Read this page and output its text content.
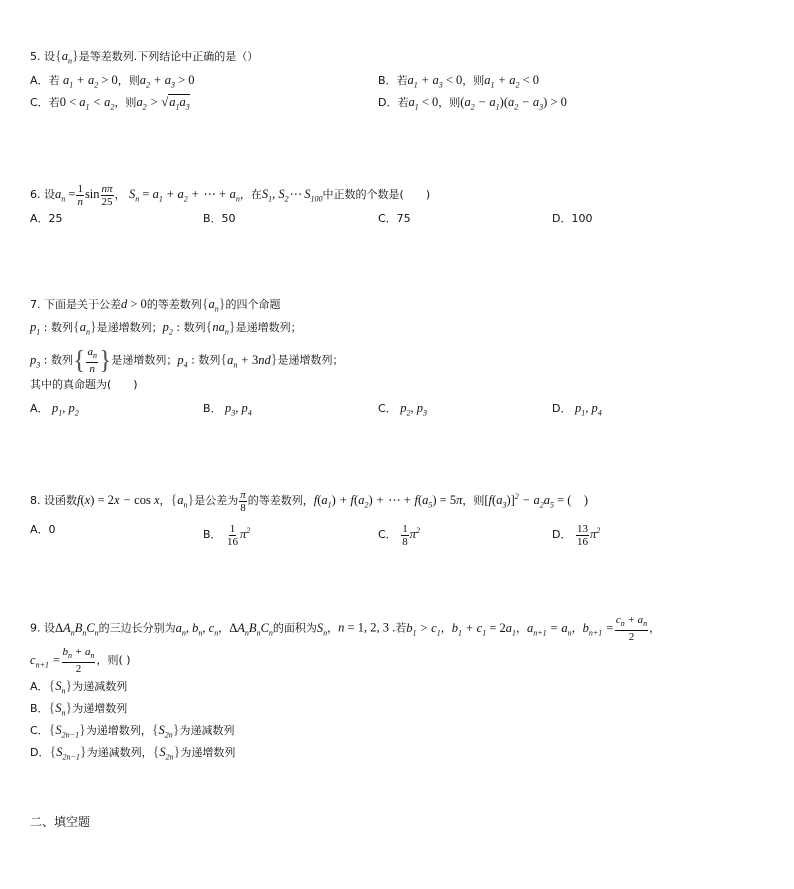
5. 设$\{a_n\}$是等差数列.下列结论中正确的是（）
A．若 $a_1 + a_2 > 0$，则$a_2 + a_3 > 0$	B．若$a_1 + a_3 < 0$，则$a_1 + a_2 < 0$
C．若$0 < a_1 < a_2$，则$a_2 > √a_1a_3$	D．若$a_1 < 0$，则$(a_2 - a_1)(a_2 - a_3) > 0$
6. 设$a_n = \frac{1}{n}$ $\sin \frac{n\pi}{25}$ ， $S_n = a_1 + a_2$ + ⋯ + $a_n$，在$S_1$, $S_2\cdots$ $S_{100}$中正数的个数是(　　)
A．25	B．50	C．75	D．100
7. 下面是关于公差d > 0的等差数列$\{a_n\}$的四个命题
$p_1$ : 数列$\{a_n\}$是递增数列；$p_2$ : 数列$\{na_n\}$是递增数列；
$p_3$ : 数列{ $\frac{a_n}{n}$ }是递增数列；$p_4$ : 数列$\{a_n + 3nd\}$是递增数列；
其中的真命题为(　　)
A． $p_1$, $p_2$	B． $p_3$, $p_4$	C． $p_2$, $p_3$	D． $p_1$, $p_4$
8. 设函数f(x) = 2x − cos x，$\{a_n\}$是公差为 $\frac{\pi}{8}$ 的等差数列，$f(a_1) + f(a_2)$ + ⋯ + $f(a_5) = 5\pi$，则$[f(a_3)]^2 - a_2a_5$ = (　)
A．0	B． $\frac{1}{16} \pi^2$	C． $\frac{1}{8} \pi^2$	D． $\frac{13}{16} \pi^2$
9. 设$\Delta A_nB_nC_n$的三边长分别为$a_n$, $b_n$, $c_n$，$\Delta A_nB_nC_n$的面积为$S_n$，n = 1, 2, 3 .若$b_1 > c_1$，$b_1 + c_1 = 2a_1$，$a_{n+1} = a_n$，$b_{n+1} = \frac{c_n + a_n}{2}$ ，
$c_{n+1} = \frac{b_n + a_n}{2}$ ，则( )
A．$\{S_n\}$为递减数列
B．$\{S_n\}$为递增数列
C．$\{S_{2n-1}\}$为递增数列，$\{S_{2n}\}$为递减数列
D．$\{S_{2n-1}\}$为递减数列，$\{S_{2n}\}$为递增数列
二、填空题
